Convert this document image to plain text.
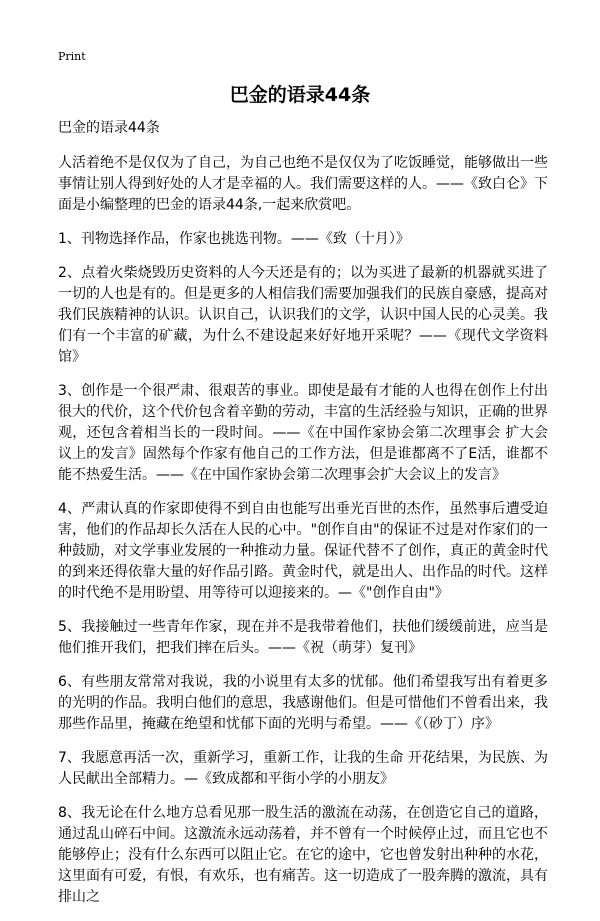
Print
巴金的语录44条

巴金的语录44条

人活着绝不是仅仅为了自己，为自己也绝不是仅仅为了吃饭睡觉，能够做出一些事情让别人得到好处的人才是幸福的人。我们需要这样的人。——《致白仑》下面是小编整理的巴金的语录44条,一起来欣赏吧。

1、刊物选择作品，作家也挑选刊物。——《致（十月）》

2、点着火柴烧毁历史资料的人今天还是有的；以为买进了最新的机器就买进了一切的人也是有的。但是更多的人相信我们需要加强我们的民族自豪感，提高对我们民族精神的认识。认识自己，认识我们的文学，认识中国人民的心灵美。我们有一个丰富的矿藏，为什么不建设起来好好地开采呢？——《现代文学资料馆》

3、创作是一个很严肃、很艰苦的事业。即使是最有才能的人也得在创作上付出很大的代价，这个代价包含着辛勤的劳动，丰富的生活经验与知识，正确的世界观，还包含着相当长的一段时间。——《在中国作家协会第二次理事会 扩大会议上的发言》固然每个作家有他自己的工作方法，但是谁都离不了E活，谁都不能不热爱生活。——《在中国作家协会第二次理事会扩大会议上的发言》

4、严肃认真的作家即使得不到自由也能写出垂光百世的杰作，虽然事后遭受迫害，他们的作品却长久活在人民的心中。"创作自由"的保证不过是对作家们的一种鼓励，对文学事业发展的一种推动力量。保证代替不了创作，真正的黄金时代的到来还得依靠大量的好作品引路。黄金时代，就是出人、出作品的时代。这样的时代绝不是用盼望、用等待可以迎接来的。—《"创作自由"》

5、我接触过一些青年作家，现在并不是我带着他们，扶他们缓缓前进，应当是他们推开我们，把我们摔在后头。——《祝（萌芽）复刊》

6、有些朋友常常对我说，我的小说里有太多的忧郁。他们希望我写出有着更多的光明的作品。我明白他们的意思，我感谢他们。但是可惜他们不曾看出来，我那些作品里，掩藏在绝望和忧郁下面的光明与希望。——《（砂丁）序》

7、我愿意再活一次，重新学习，重新工作，让我的生命 开花结果，为民族、为人民献出全部精力。—《致成都和平街小学的小朋友》

8、我无论在什么地方总看见那一股生活的激流在动荡，在创造它自己的道路，通过乱山碎石中间。这激流永远动荡着，并不曾有一个时候停止过，而且它也不能够停止；没有什么东西可以阻止它。在它的途中，它也曾发射出种种的水花，这里面有可爱，有恨，有欢乐，也有痛苦。这一切造成了一股奔腾的激流，具有排山之
